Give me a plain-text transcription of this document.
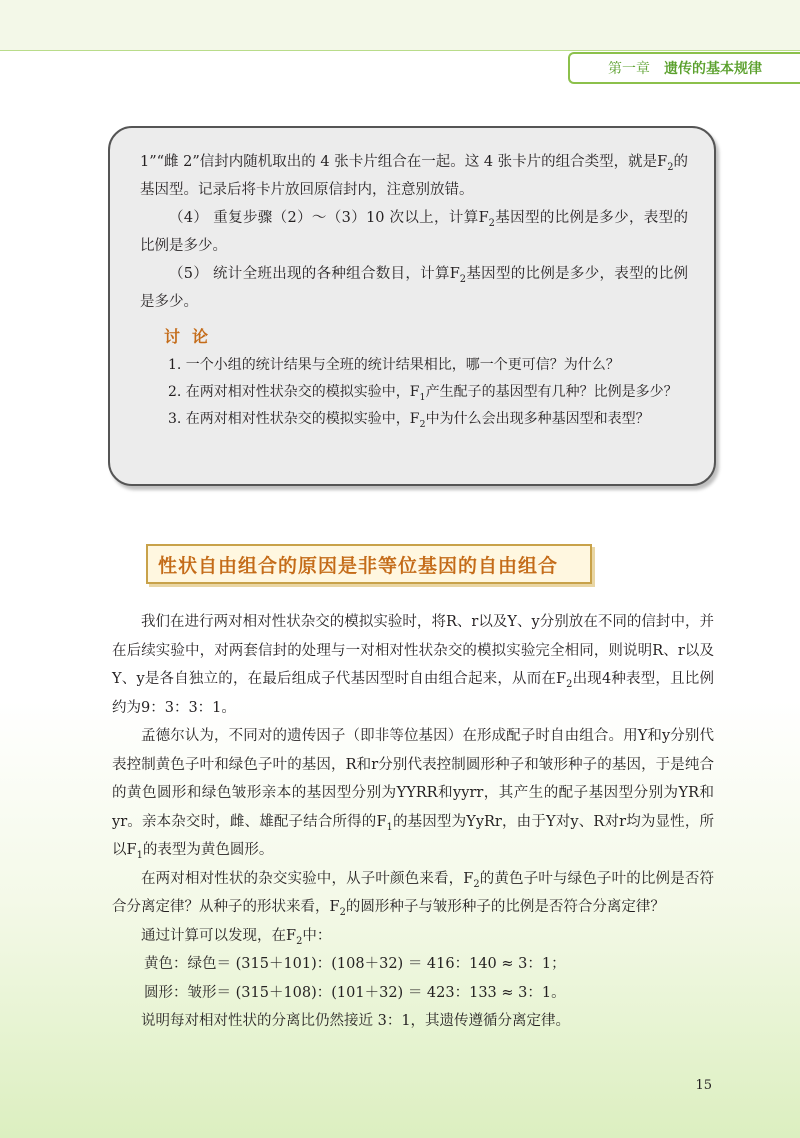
第一章 遗传的基本规律

1”“雌 2”信封内随机取出的 4 张卡片组合在一起。这 4 张卡片的组合类型，就是$F_2$的基因型。记录后将卡片放回原信封内，注意别放错。

（4） 重复步骤（2）～（3）10 次以上，计算$F_2$基因型的比例是多少，表型的比例是多少。

（5） 统计全班出现的各种组合数目，计算$F_2$基因型的比例是多少，表型的比例是多少。

讨论

1. 一个小组的统计结果与全班的统计结果相比，哪一个更可信？为什么？

2. 在两对相对性状杂交的模拟实验中，$F_1$产生配子的基因型有几种？比例是多少？

3. 在两对相对性状杂交的模拟实验中，$F_2$中为什么会出现多种基因型和表型？

性状自由组合的原因是非等位基因的自由组合

我们在进行两对相对性状杂交的模拟实验时，将R、r以及Y、y分别放在不同的信封中，并在后续实验中，对两套信封的处理与一对相对性状杂交的模拟实验完全相同，则说明R、r以及Y、y是各自独立的，在最后组成子代基因型时自由组合起来，从而在$F_2$出现4种表型，且比例约为9：3：3：1。

孟德尔认为，不同对的遗传因子（即非等位基因）在形成配子时自由组合。用Y和y分别代表控制黄色子叶和绿色子叶的基因，R和r分别代表控制圆形种子和皱形种子的基因，于是纯合的黄色圆形和绿色皱形亲本的基因型分别为YYRR和yyrr，其产生的配子基因型分别为YR和yr。亲本杂交时，雌、雄配子结合所得的$F_1$的基因型为YyRr，由于Y对y、R对r均为显性，所以$F_1$的表型为黄色圆形。

在两对相对性状的杂交实验中，从子叶颜色来看，$F_2$的黄色子叶与绿色子叶的比例是否符合分离定律？从种子的形状来看，$F_2$的圆形种子与皱形种子的比例是否符合分离定律？

通过计算可以发现，在$F_2$中：

黄色：绿色＝ (315＋101)：(108＋32) ＝ 416：140 ≈ 3：1；

圆形：皱形＝ (315＋108)：(101＋32) ＝ 423：133 ≈ 3：1。

说明每对相对性状的分离比仍然接近 3：1，其遗传遵循分离定律。

15
